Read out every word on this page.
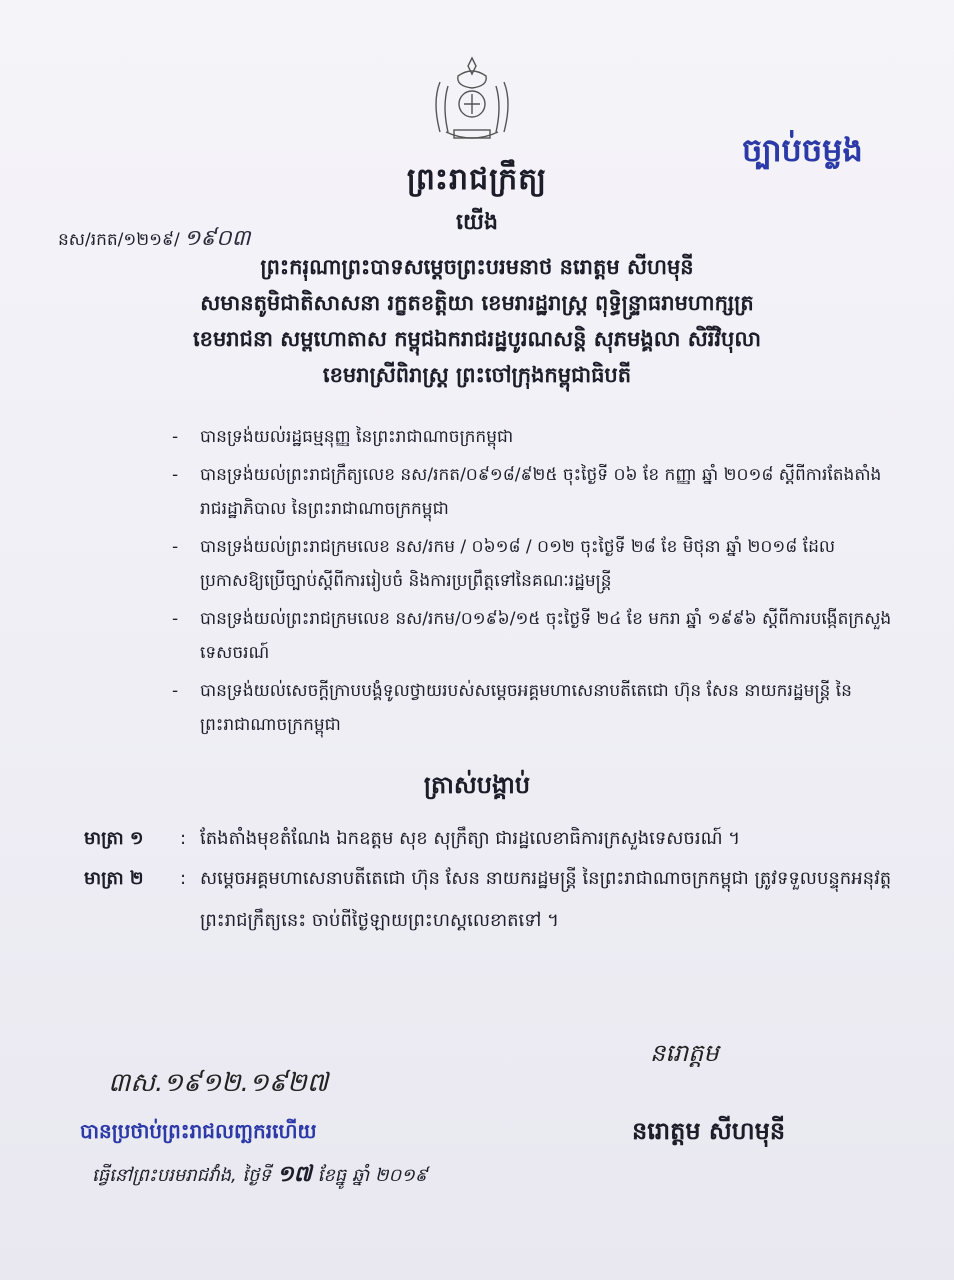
ច្បាប់ចម្លង
ព្រះរាជក្រឹត្យ
យើង
នស/រកត/១២១៩/ ១៩០៣
ព្រះករុណាព្រះបាទសម្តេចព្រះបរមនាថ នរោត្តម សីហមុនី
សមានតូមិជាតិសាសនា រក្ខតខត្តិយា ខេមរារដ្ឋរាស្ត្រ ពុទ្ធិន្ទ្រាធរាមហាក្សត្រ
ខេមរាជនា សម្ពហោតាស កម្ពុជឯករាជរដ្ឋបូរណសន្តិ សុភមង្គលា សិរីវិបុលា
ខេមរាស្រីពិរាស្ត្រ ព្រះចៅក្រុងកម្ពុជាធិបតី
-	បានទ្រង់យល់រដ្ឋធម្មនុញ្ញ នៃព្រះរាជាណាចក្រកម្ពុជា
-	បានទ្រង់យល់ព្រះរាជក្រឹត្យលេខ នស/រកត/០៩១៨/៩២៥ ចុះថ្ងៃទី ០៦ ខែ កញ្ញា ឆ្នាំ ២០១៨ ស្តីពីការតែងតាំងរាជរដ្ឋាភិបាល នៃព្រះរាជាណាចក្រកម្ពុជា
-	បានទ្រង់យល់ព្រះរាជក្រមលេខ នស/រកម / ០៦១៨ / ០១២ ចុះថ្ងៃទី ២៨ ខែ មិថុនា ឆ្នាំ ២០១៨ ដែលប្រកាសឱ្យប្រើច្បាប់ស្តីពីការរៀបចំ និងការប្រព្រឹត្តទៅនៃគណៈរដ្ឋមន្ត្រី
-	បានទ្រង់យល់ព្រះរាជក្រមលេខ នស/រកម/០១៩៦/១៥ ចុះថ្ងៃទី ២៤ ខែ មករា ឆ្នាំ ១៩៩៦ ស្តីពីការបង្កើតក្រសួងទេសចរណ៍
-	បានទ្រង់យល់សេចក្តីក្រាបបង្គំទូលថ្វាយរបស់សម្តេចអគ្គមហាសេនាបតីតេជោ ហ៊ុន សែន នាយករដ្ឋមន្ត្រី នៃព្រះរាជាណាចក្រកម្ពុជា
ត្រាស់បង្គាប់
មាត្រា ១	: តែងតាំងមុខតំណែង ឯកឧត្តម សុខ សុក្រឹត្យា ជារដ្ឋលេខាធិការក្រសួងទេសចរណ៍ ។
មាត្រា ២	: សម្តេចអគ្គមហាសេនាបតីតេជោ ហ៊ុន សែន នាយករដ្ឋមន្ត្រី នៃព្រះរាជាណាចក្រកម្ពុជា ត្រូវទទួលបន្ទុកអនុវត្តព្រះរាជក្រឹត្យនេះ ចាប់ពីថ្ងៃឡាយព្រះហស្តលេខាតទៅ ។
នរោត្តម
នរោត្តម សីហមុនី
៣ស.១៩១២.១៩២៧
បានប្រថាប់ព្រះរាជលញ្ឆករហើយ
ធ្វើនៅព្រះបរមរាជវាំង, ថ្ងៃទី ១៧ ខែធ្នូ ឆ្នាំ ២០១៩
